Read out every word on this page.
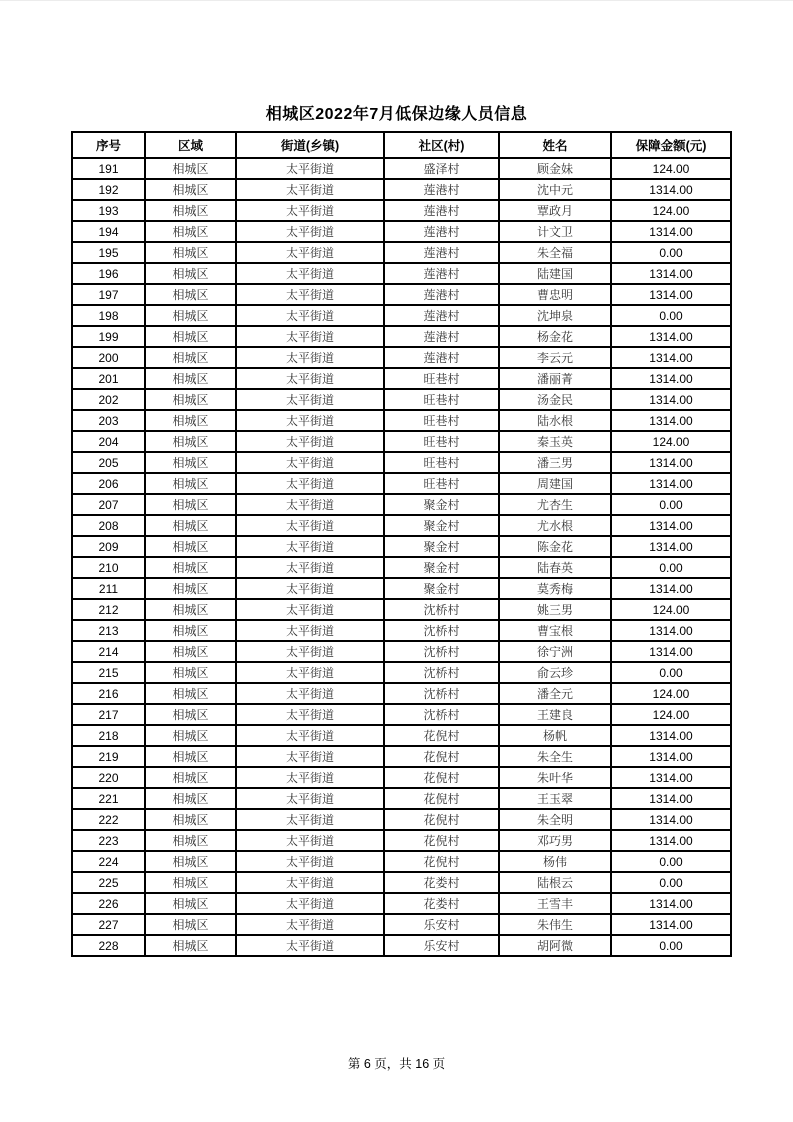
相城区2022年7月低保边缘人员信息
序号	区域	街道(乡镇)	社区(村)	姓名	保障金额(元)
191	相城区	太平街道	盛泽村	顾金妹	124.00
192	相城区	太平街道	莲港村	沈中元	1314.00
193	相城区	太平街道	莲港村	覃政月	124.00
194	相城区	太平街道	莲港村	计文卫	1314.00
195	相城区	太平街道	莲港村	朱全福	0.00
196	相城区	太平街道	莲港村	陆建国	1314.00
197	相城区	太平街道	莲港村	曹忠明	1314.00
198	相城区	太平街道	莲港村	沈坤泉	0.00
199	相城区	太平街道	莲港村	杨金花	1314.00
200	相城区	太平街道	莲港村	李云元	1314.00
201	相城区	太平街道	旺巷村	潘丽菁	1314.00
202	相城区	太平街道	旺巷村	汤金民	1314.00
203	相城区	太平街道	旺巷村	陆水根	1314.00
204	相城区	太平街道	旺巷村	秦玉英	124.00
205	相城区	太平街道	旺巷村	潘三男	1314.00
206	相城区	太平街道	旺巷村	周建国	1314.00
207	相城区	太平街道	聚金村	尤杏生	0.00
208	相城区	太平街道	聚金村	尤水根	1314.00
209	相城区	太平街道	聚金村	陈金花	1314.00
210	相城区	太平街道	聚金村	陆春英	0.00
211	相城区	太平街道	聚金村	莫秀梅	1314.00
212	相城区	太平街道	沈桥村	姚三男	124.00
213	相城区	太平街道	沈桥村	曹宝根	1314.00
214	相城区	太平街道	沈桥村	徐宁洲	1314.00
215	相城区	太平街道	沈桥村	俞云珍	0.00
216	相城区	太平街道	沈桥村	潘全元	124.00
217	相城区	太平街道	沈桥村	王建良	124.00
218	相城区	太平街道	花倪村	杨帆	1314.00
219	相城区	太平街道	花倪村	朱全生	1314.00
220	相城区	太平街道	花倪村	朱叶华	1314.00
221	相城区	太平街道	花倪村	王玉翠	1314.00
222	相城区	太平街道	花倪村	朱全明	1314.00
223	相城区	太平街道	花倪村	邓巧男	1314.00
224	相城区	太平街道	花倪村	杨伟	0.00
225	相城区	太平街道	花娄村	陆根云	0.00
226	相城区	太平街道	花娄村	王雪丰	1314.00
227	相城区	太平街道	乐安村	朱伟生	1314.00
228	相城区	太平街道	乐安村	胡阿微	0.00
第 6 页，共 16 页
